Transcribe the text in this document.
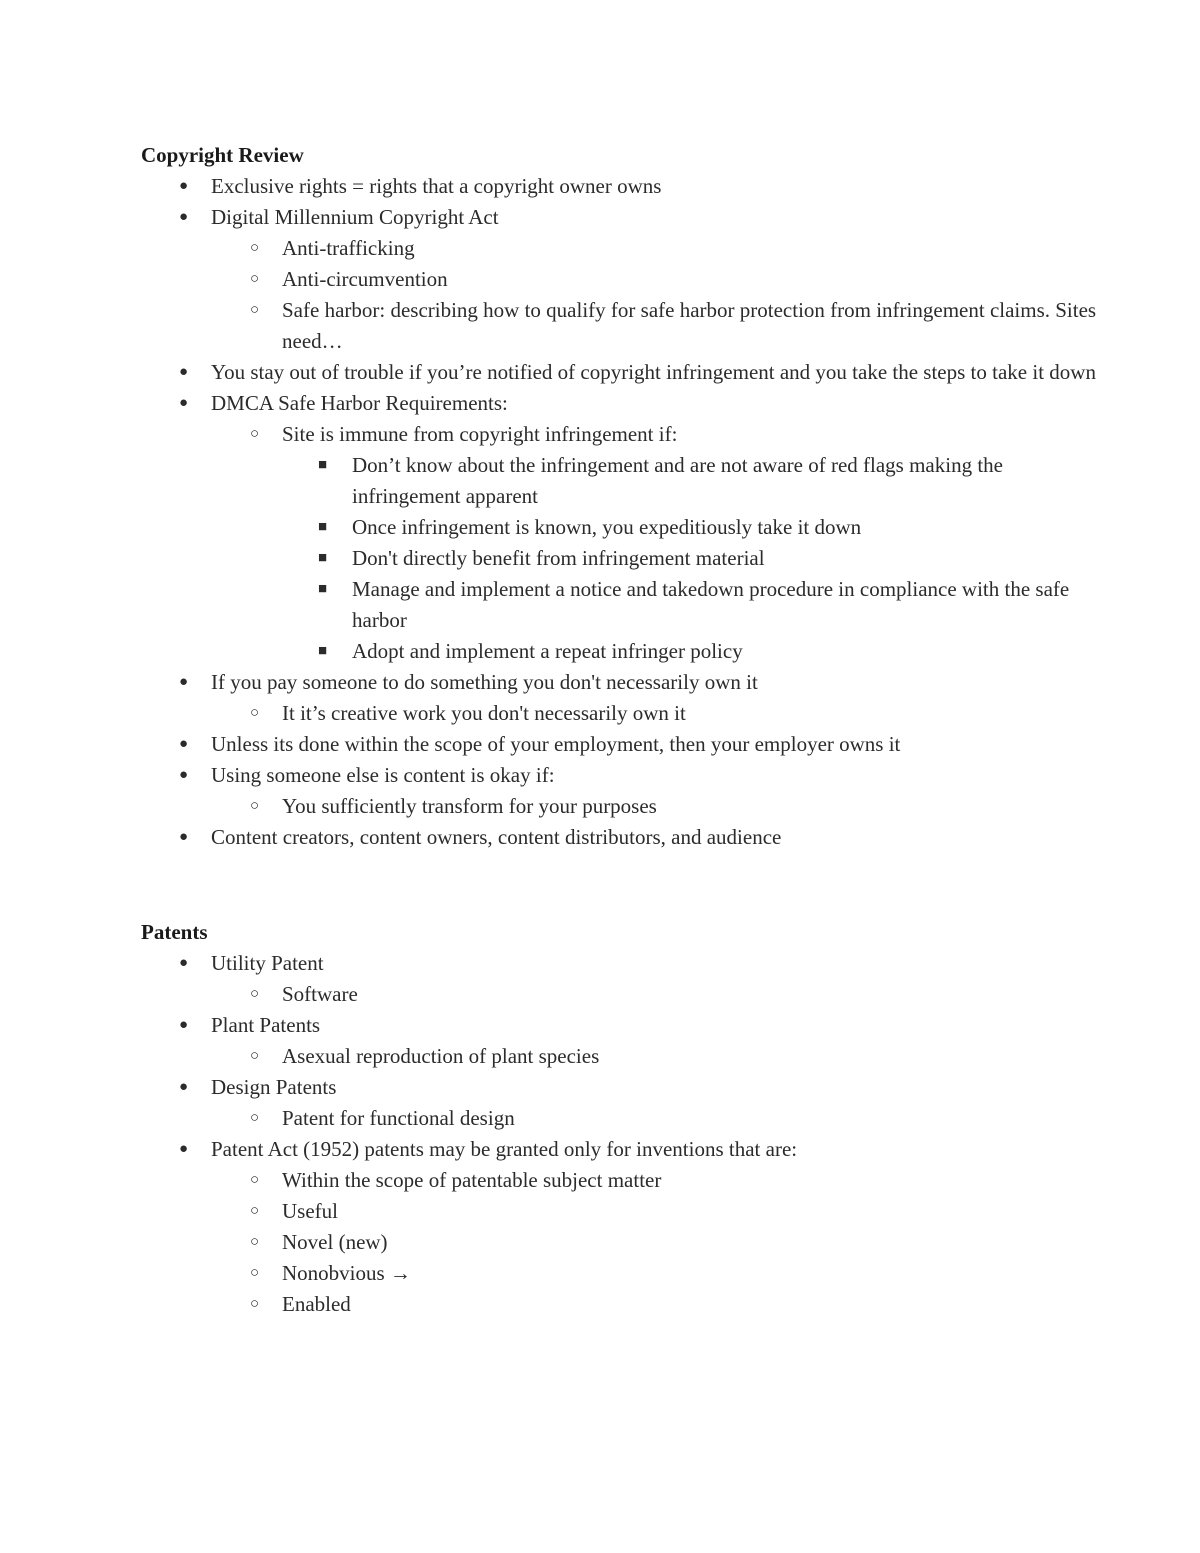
Copyright Review
● Exclusive rights = rights that a copyright owner owns
● Digital Millennium Copyright Act
○ Anti-trafficking
○ Anti-circumvention
○ Safe harbor: describing how to qualify for safe harbor protection from infringement claims. Sites need…
● You stay out of trouble if you’re notified of copyright infringement and you take the steps to take it down
● DMCA Safe Harbor Requirements:
○ Site is immune from copyright infringement if:
■ Don’t know about the infringement and are not aware of red flags making the infringement apparent
■ Once infringement is known, you expeditiously take it down
■ Don't directly benefit from infringement material
■ Manage and implement a notice and takedown procedure in compliance with the safe harbor
■ Adopt and implement a repeat infringer policy
● If you pay someone to do something you don't necessarily own it
○ It it’s creative work you don't necessarily own it
● Unless its done within the scope of your employment, then your employer owns it
● Using someone else is content is okay if:
○ You sufficiently transform for your purposes
● Content creators, content owners, content distributors, and audience
Patents
● Utility Patent
○ Software
● Plant Patents
○ Asexual reproduction of plant species
● Design Patents
○ Patent for functional design
● Patent Act (1952) patents may be granted only for inventions that are:
○ Within the scope of patentable subject matter
○ Useful
○ Novel (new)
○ Nonobvious →
○ Enabled
